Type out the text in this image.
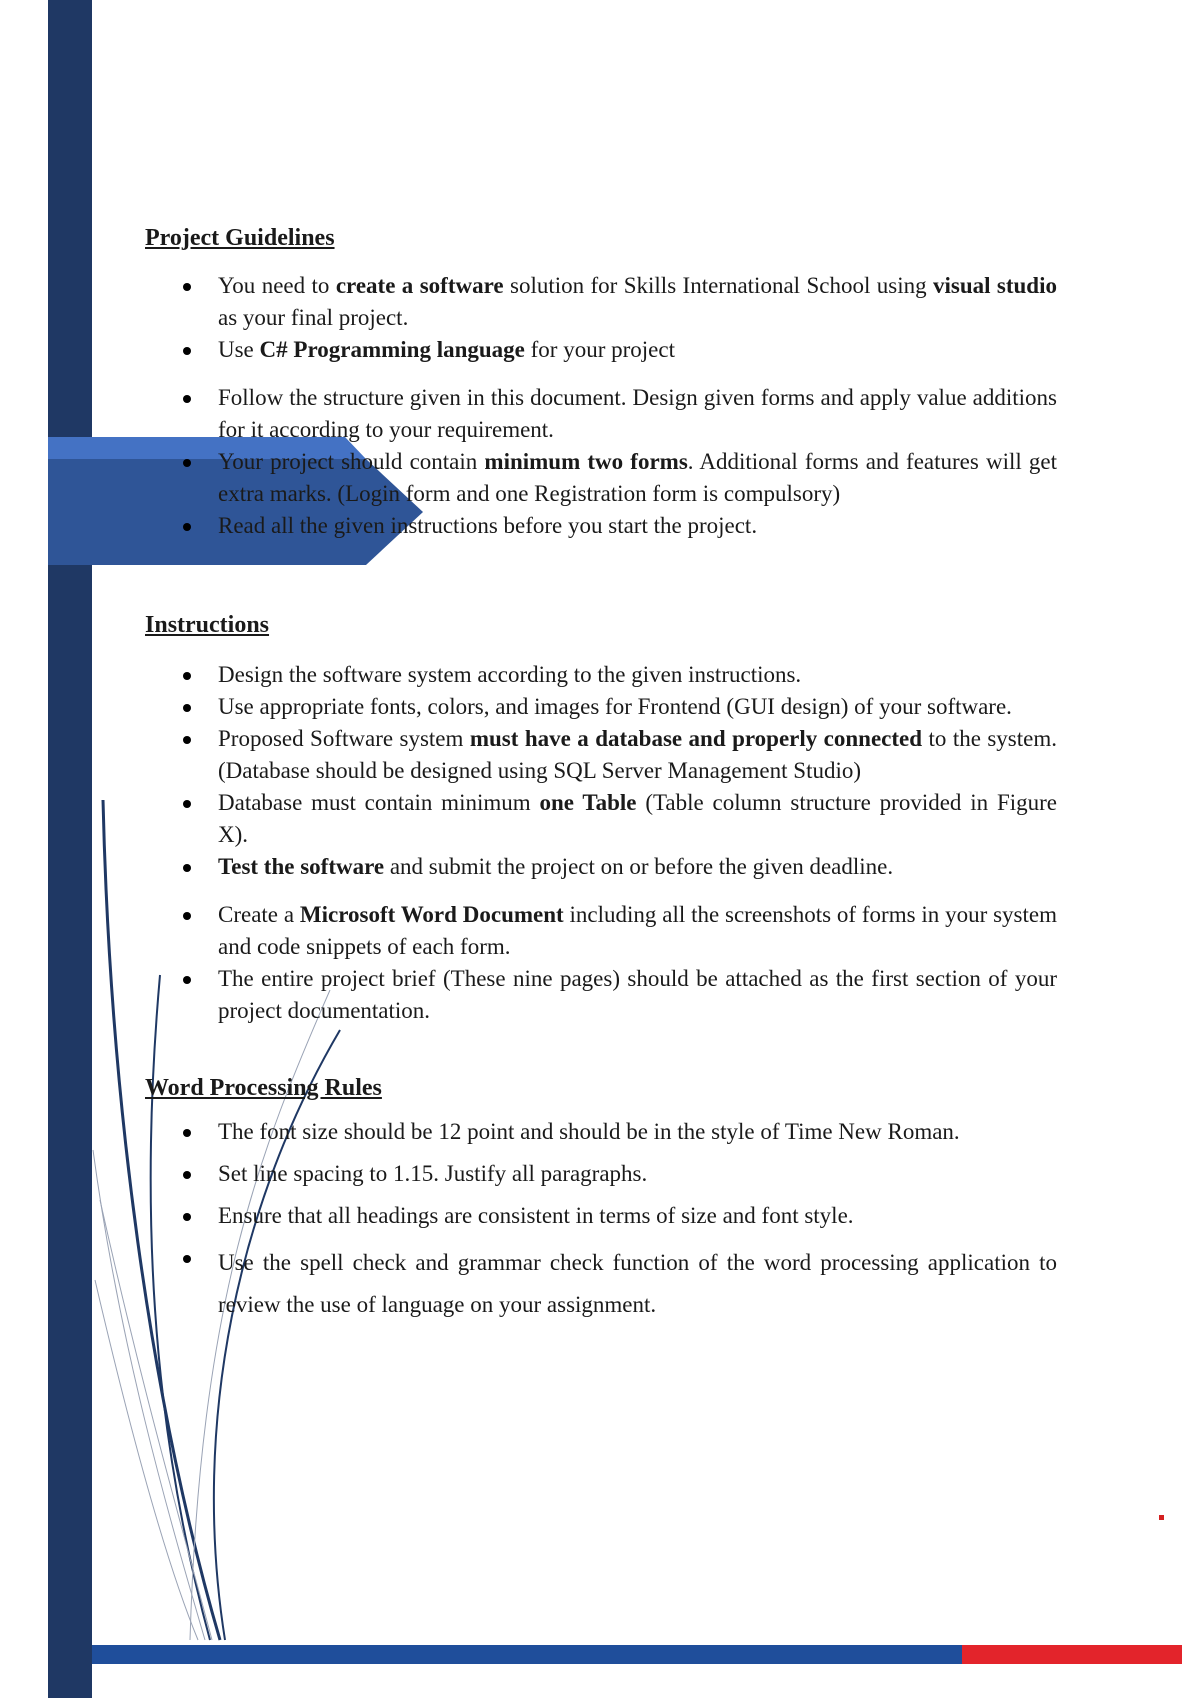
Project Guidelines
You need to create a software solution for Skills International School using visual studio as your final project.
Use C# Programming language for your project
Follow the structure given in this document. Design given forms and apply value additions for it according to your requirement.
Your project should contain minimum two forms. Additional forms and features will get extra marks. (Login form and one Registration form is compulsory)
Read all the given instructions before you start the project.
Instructions
Design the software system according to the given instructions.
Use appropriate fonts, colors, and images for Frontend (GUI design) of your software.
Proposed Software system must have a database and properly connected to the system. (Database should be designed using SQL Server Management Studio)
Database must contain minimum one Table (Table column structure provided in Figure X).
Test the software and submit the project on or before the given deadline.
Create a Microsoft Word Document including all the screenshots of forms in your system and code snippets of each form.
The entire project brief (These nine pages) should be attached as the first section of your project documentation.
Word Processing Rules
The font size should be 12 point and should be in the style of Time New Roman.
Set line spacing to 1.15. Justify all paragraphs.
Ensure that all headings are consistent in terms of size and font style.
Use the spell check and grammar check function of the word processing application to review the use of language on your assignment.
